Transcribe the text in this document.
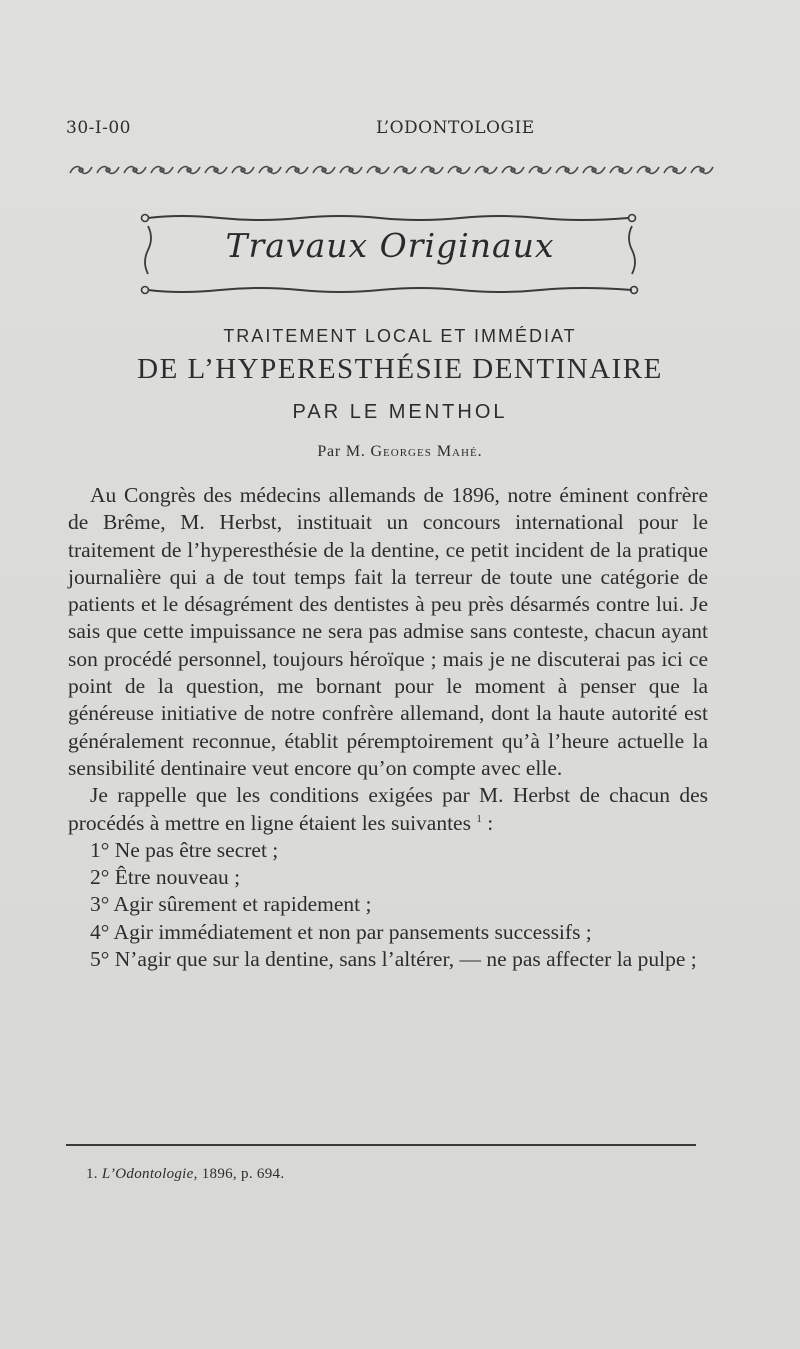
30-I-00	L’ODONTOLOGIE
Travaux Originaux
TRAITEMENT LOCAL ET IMMÉDIAT
DE L’HYPERESTHÉSIE DENTINAIRE
PAR LE MENTHOL
Par M. Georges Mahé.

Au Congrès des médecins allemands de 1896, notre éminent confrère de Brême, M. Herbst, instituait un concours international pour le traitement de l’hyperesthésie de la dentine, ce petit incident de la pratique journalière qui a de tout temps fait la terreur de toute une catégorie de patients et le désagrément des dentistes à peu près désarmés contre lui. Je sais que cette impuissance ne sera pas admise sans conteste, chacun ayant son procédé personnel, toujours héroïque ; mais je ne discuterai pas ici ce point de la question, me bornant pour le moment à penser que la généreuse initiative de notre confrère allemand, dont la haute autorité est généralement reconnue, établit péremptoirement qu’à l’heure actuelle la sensibilité dentinaire veut encore qu’on compte avec elle.

Je rappelle que les conditions exigées par M. Herbst de chacun des procédés à mettre en ligne étaient les suivantes $^1$ :

1° Ne pas être secret ;

2° Être nouveau ;

3° Agir sûrement et rapidement ;

4° Agir immédiatement et non par pansements successifs ;

5° N’agir que sur la dentine, sans l’altérer, — ne pas affecter la pulpe ;

1. L’Odontologie, 1896, p. 694.
